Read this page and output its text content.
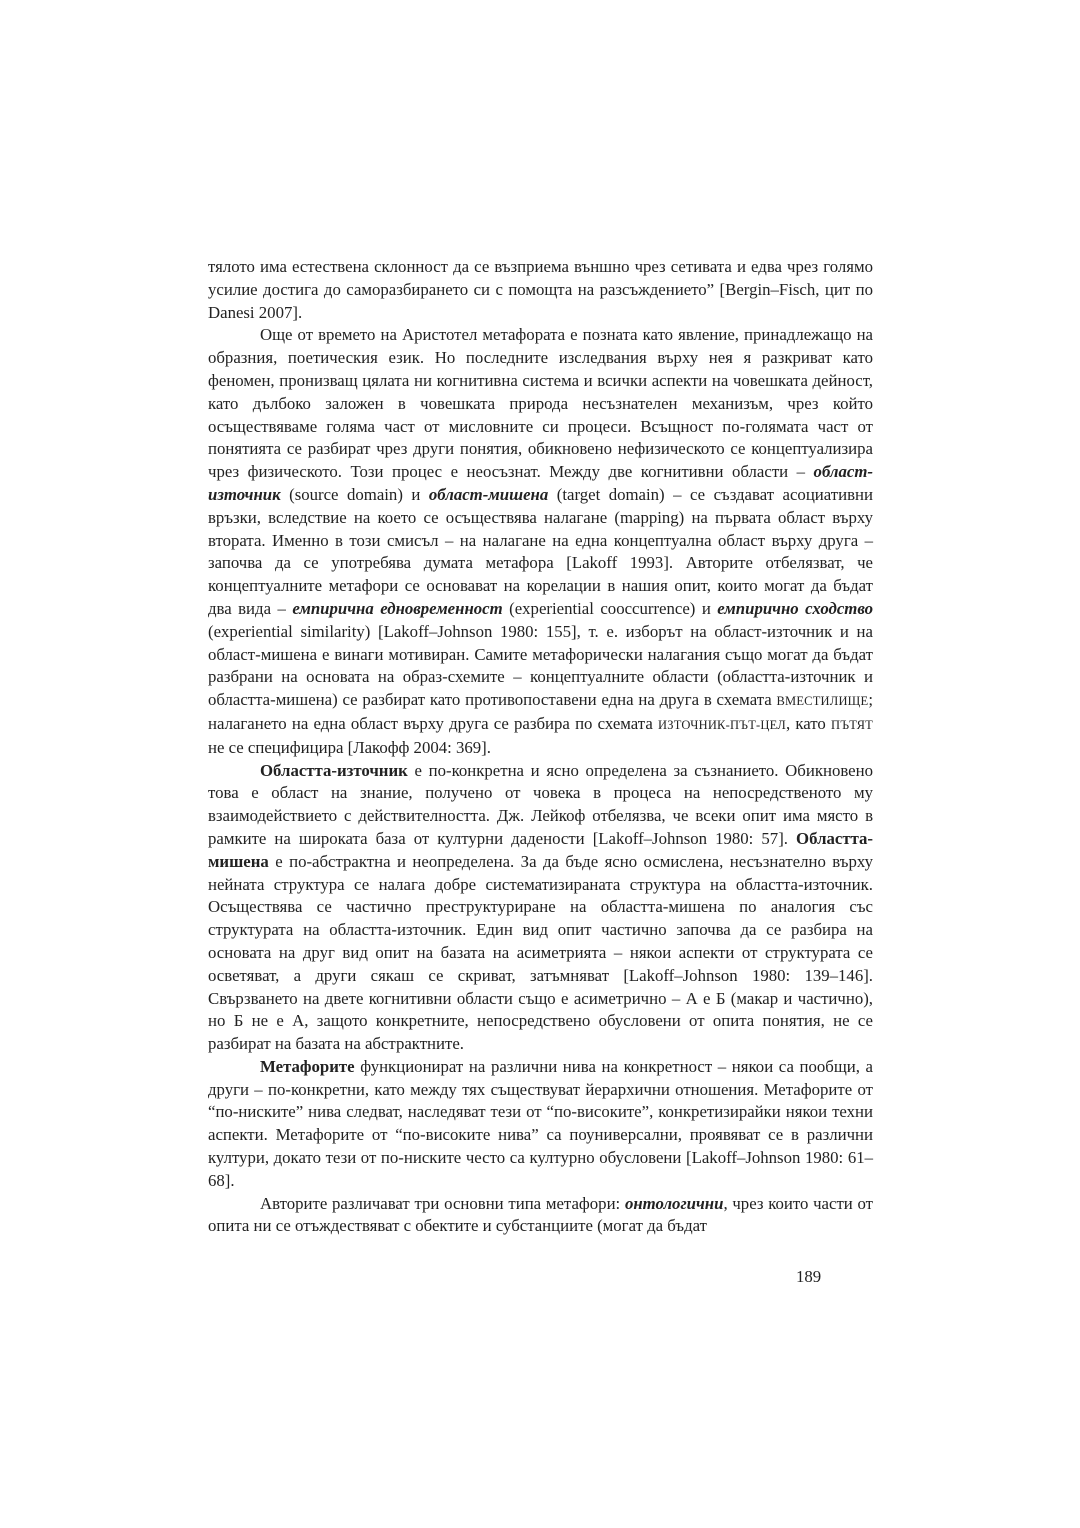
тялото има естествена склонност да се възприема външно чрез сетивата и едва чрез голямо усилие достига до саморазбирането си с помощта на разсъждението” [Bergin–Fisch, цит по Danesi 2007].

Още от времето на Аристотел метафората е позната като явление, принадлежащо на образния, поетическия език. Но последните изследвания върху нея я разкриват като феномен, пронизващ цялата ни когнитивна система и всички аспекти на човешката дейност, като дълбоко заложен в човешката природа несъзнателен механизъм, чрез който осъществяваме голяма част от мисловните си процеси. Всъщност по-голямата част от понятията се разбират чрез други понятия, обикновено нефизическото се концептуализира чрез физическото. Този процес е неосъзнат. Между две когнитивни области – област-източник (source domain) и област-мишена (target domain) – се създават асоциативни връзки, вследствие на което се осъществява налагане (mapping) на първата област върху втората. Именно в този смисъл – на налагане на една концептуална област върху друга – започва да се употребява думата метафора [Lakoff 1993]. Авторите отбелязват, че концептуалните метафори се основават на корелации в нашия опит, които могат да бъдат два вида – емпирична едновременност (experiential cooccurrence) и емпирично сходство (experiential similarity) [Lakoff–Johnson 1980: 155], т. е. изборът на област-източник и на област-мишена е винаги мотивиран. Самите метафорически налагания също могат да бъдат разбрани на основата на образ-схемите – концептуалните области (областта-източник и областта-мишена) се разбират като противопоставени една на друга в схемата ВМЕСТИЛИЩЕ; налагането на една област върху друга се разбира по схемата ИЗТОЧНИК-ПЪТ-ЦЕЛ, като ПЪТЯТ не се специфицира [Лакофф 2004: 369].

Областта-източник е по-конкретна и ясно определена за съзнанието. Обикновено това е област на знание, получено от човека в процеса на непосредственото му взаимодействието с действителността. Дж. Лейкоф отбелязва, че всеки опит има място в рамките на широката база от културни дадености [Lakoff–Johnson 1980: 57]. Областта-мишена е по-абстрактна и неопределена. За да бъде ясно осмислена, несъзнателно върху нейната структура се налага добре систематизираната структура на областта-източник. Осъществява се частично преструктуриране на областта-мишена по аналогия със структурата на областта-източник. Един вид опит частично започва да се разбира на основата на друг вид опит на базата на асиметрията – някои аспекти от структурата се осветяват, а други сякаш се скриват, затъмняват [Lakoff–Johnson 1980: 139–146]. Свързването на двете когнитивни области също е асиметрично – А е Б (макар и частично), но Б не е А, защото конкретните, непосредствено обусловени от опита понятия, не се разбират на базата на абстрактните.

Метафорите функционират на различни нива на конкретност – някои са пообщи, а други – по-конкретни, като между тях съществуват йерархични отношения. Метафорите от “по-ниските” нива следват, наследяват тези от “по-високите”, конкретизирайки някои техни аспекти. Метафорите от “по-високите нива” са поуниверсални, проявяват се в различни култури, докато тези от по-ниските често са културно обусловени [Lakoff–Johnson 1980: 61–68].

Авторите различават три основни типа метафори: онтологични, чрез които части от опита ни се отъждествяват с обектите и субстанциите (могат да бъдат

189
